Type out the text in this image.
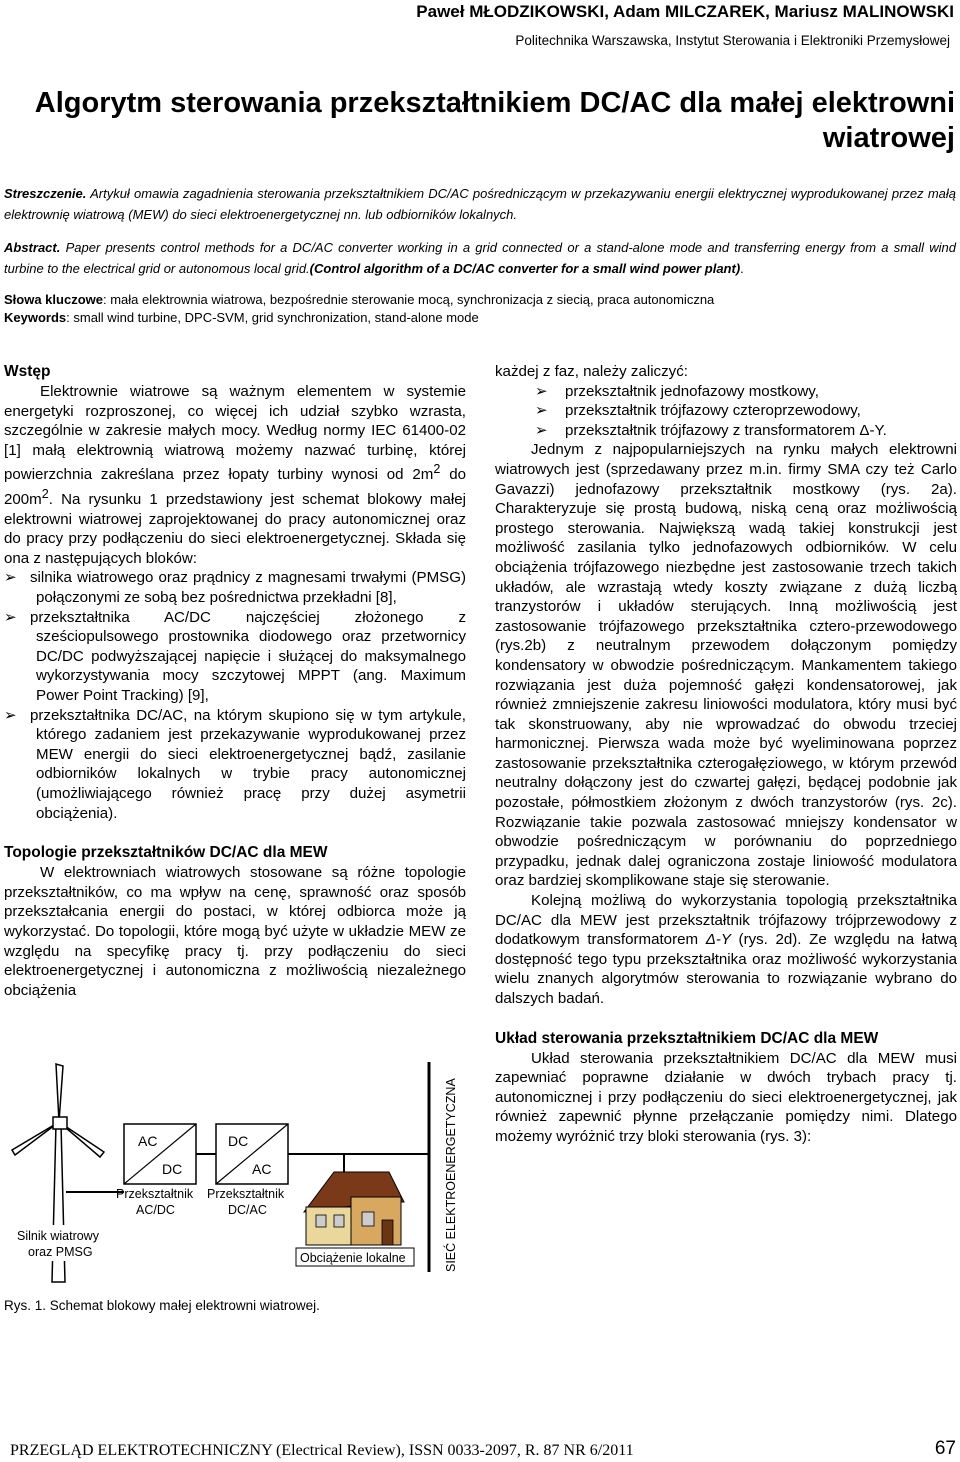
Paweł MŁODZIKOWSKI, Adam MILCZAREK, Mariusz MALINOWSKI
Politechnika Warszawska, Instytut Sterowania i Elektroniki Przemysłowej
Algorytm sterowania przekształtnikiem DC/AC dla małej elektrowni wiatrowej
Streszczenie. Artykuł omawia zagadnienia sterowania przekształtnikiem DC/AC pośredniczącym w przekazywaniu energii elektrycznej wyprodukowanej przez małą elektrownię wiatrową (MEW) do sieci elektroenergetycznej nn. lub odbiorników lokalnych.
Abstract. Paper presents control methods for a DC/AC converter working in a grid connected or a stand-alone mode and transferring energy from a small wind turbine to the electrical grid or autonomous local grid.(Control algorithm of a DC/AC converter for a small wind power plant).
Słowa kluczowe: mała elektrownia wiatrowa, bezpośrednie sterowanie mocą, synchronizacja z siecią, praca autonomiczna
Keywords: small wind turbine, DPC-SVM, grid synchronization, stand-alone mode
Wstęp

Elektrownie wiatrowe są ważnym elementem w systemie energetyki rozproszonej, co więcej ich udział szybko wzrasta, szczególnie w zakresie małych mocy. Według normy IEC 61400-02 [1] małą elektrownią wiatrową możemy nazwać turbinę, której powierzchnia zakreślana przez łopaty turbiny wynosi od $2m^2$ do $200m^2$. Na rysunku 1 przedstawiony jest schemat blokowy małej elektrowni wiatrowej zaprojektowanej do pracy autonomicznej oraz do pracy przy podłączeniu do sieci elektroenergetycznej. Składa się ona z następujących bloków:

➢ silnika wiatrowego oraz prądnicy z magnesami trwałymi (PMSG) połączonymi ze sobą bez pośrednictwa przekładni [8],

➢ przekształtnika AC/DC najczęściej złożonego z sześciopulsowego prostownika diodowego oraz przetwornicy DC/DC podwyższającej napięcie i służącej do maksymalnego wykorzystywania mocy szczytowej MPPT (ang. Maximum Power Point Tracking) [9],

➢ przekształtnika DC/AC, na którym skupiono się w tym artykule, którego zadaniem jest przekazywanie wyprodukowanej przez MEW energii do sieci elektroenergetycznej bądź, zasilanie odbiorników lokalnych w trybie pracy autonomicznej (umożliwiającego również pracę przy dużej asymetrii obciążenia).

Topologie przekształtników DC/AC dla MEW

W elektrowniach wiatrowych stosowane są różne topologie przekształtników, co ma wpływ na cenę, sprawność oraz sposób przekształcania energii do postaci, w której odbiorca może ją wykorzystać. Do topologii, które mogą być użyte w układzie MEW ze względu na specyfikę pracy tj. przy podłączeniu do sieci elektroenergetycznej i autonomiczna z możliwością niezależnego obciążenia

AC
DC
DC
AC
Przekształtnik
AC/DC
Przekształtnik
DC/AC
Silnik wiatrowy
oraz PMSG	Obciążenie lokalne	SIEĆ ELEKTROENERGETYCZNA
Rys. 1. Schemat blokowy małej elektrowni wiatrowej.

każdej z faz, należy zaliczyć:

➢ przekształtnik jednofazowy mostkowy,

➢ przekształtnik trójfazowy czteroprzewodowy,

➢ przekształtnik trójfazowy z transformatorem Δ-Y.

Jednym z najpopularniejszych na rynku małych elektrowni wiatrowych jest (sprzedawany przez m.in. firmy SMA czy też Carlo Gavazzi) jednofazowy przekształtnik mostkowy (rys. 2a). Charakteryzuje się prostą budową, niską ceną oraz możliwością prostego sterowania. Największą wadą takiej konstrukcji jest możliwość zasilania tylko jednofazowych odbiorników. W celu obciążenia trójfazowego niezbędne jest zastosowanie trzech takich układów, ale wzrastają wtedy koszty związane z dużą liczbą tranzystorów i układów sterujących. Inną możliwością jest zastosowanie trójfazowego przekształtnika cztero-przewodowego (rys.2b) z neutralnym przewodem dołączonym pomiędzy kondensatory w obwodzie pośredniczącym. Mankamentem takiego rozwiązania jest duża pojemność gałęzi kondensatorowej, jak również zmniejszenie zakresu liniowości modulatora, który musi być tak skonstruowany, aby nie wprowadzać do obwodu trzeciej harmonicznej. Pierwsza wada może być wyeliminowana poprzez zastosowanie przekształtnika czterogałęziowego, w którym przewód neutralny dołączony jest do czwartej gałęzi, będącej podobnie jak pozostałe, półmostkiem złożonym z dwóch tranzystorów (rys. 2c). Rozwiązanie takie pozwala zastosować mniejszy kondensator w obwodzie pośredniczącym w porównaniu do poprzedniego przypadku, jednak dalej ograniczona zostaje liniowość modulatora oraz bardziej skomplikowane staje się sterowanie.

Kolejną możliwą do wykorzystania topologią przekształtnika DC/AC dla MEW jest przekształtnik trójfazowy trójprzewodowy z dodatkowym transformatorem Δ-Y (rys. 2d). Ze względu na łatwą dostępność tego typu przekształtnika oraz możliwość wykorzystania wielu znanych algorytmów sterowania to rozwiązanie wybrano do dalszych badań.

Układ sterowania przekształtnikiem DC/AC dla MEW

Układ sterowania przekształtnikiem DC/AC dla MEW musi zapewniać poprawne działanie w dwóch trybach pracy tj. autonomicznej i przy podłączeniu do sieci elektroenergetycznej, jak również zapewnić płynne przełączanie pomiędzy nimi. Dlatego możemy wyróżnić trzy bloki sterowania (rys. 3):

PRZEGLĄD ELEKTROTECHNICZNY (Electrical Review), ISSN 0033-2097, R. 87 NR 6/2011	67
